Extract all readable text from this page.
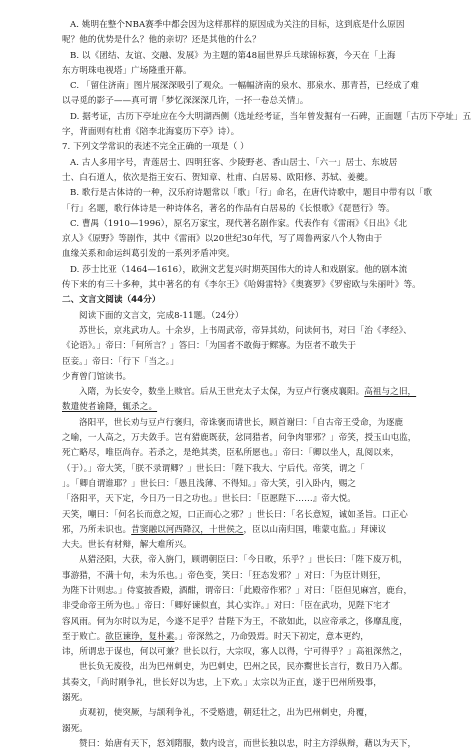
A. 姚明在整个NBA赛季中都会因为这样那样的原因成为关注的目标，这到底是什么原因
呢？他的优势是什么？他的亲切？还是其他的什么？
B. 以《团结、友谊、交融、发展》为主题的第48届世界乒乓球锦标赛，今天在「上海
东方明珠电视塔」广场隆重开幕。
C. 「留住济南」图片展深深吸引了观众。一幅幅济南的泉水、那泉水、那青苔，已经成了难
以寻觅的影子——真可谓「梦忆深深深几许，一抔一卷总关情」。
D. 据考证，古历下亭址应在今大明湖西侧（选址经考证，当年曾发掘有一石碑，正面题「古历下亭址」五
字，背面则有杜甫《陪李北海宴历下亭》诗）。
7. 下列文学常识的表述不完全正确的一项是（ ）
A. 古人多用字号，青莲居士、四明狂客、少陵野老、香山居士、「六一」居士、东坡居
士、白石道人，依次是指王安石、贺知章、杜甫、白居易、欧阳修、苏轼、姜夔。
B. 歌行是古体诗的一种，汉乐府诗题常以「歌」「行」命名，在唐代诗歌中，题目中带有以「歌
「行」名题，歌行体诗是一种诗体名，著名的作品有白居易的《长恨歌》《琵琶行》等。
C. 曹禺（1910—1996），原名万家宝，现代著名剧作家。代表作有《雷雨》《日出》《北
京人》《原野》等剧作，其中《雷雨》以20世纪30年代，写了周鲁两家八个人物由于
血缘关系和命运纠葛引发的一系列矛盾冲突。
D. 莎士比亚（1464—1616），欧洲文艺复兴时期英国伟大的诗人和戏剧家。他的剧本流
传下来的有三十多种，其中著名的有《李尔王》《哈姆雷特》《奥赛罗》《罗密欧与朱丽叶》等。
二、文言文阅读（44分）
阅读下面的文言文，完成8-11题。（24分）
苏世长，京兆武功人。十余岁，上书周武帝，帝异其幼，问读何书，对曰「治《孝经》、
《论语》。」帝曰：「何所言？」答曰：「为国者不敢侮于鳏寡。为臣者不敢失于
臣妾。」帝曰：「行下「当之。」
少育曾门馆读书。
入隋，为长安令，数坐上赎官。后从王世充太子太保，为豆卢行褒戍襄阳。高祖与之旧，
数遣使者谕降，辄杀之。
洛阳平，世长劝与豆卢行褒归，帝诛褒而请世长，顾首谢曰：「自古帝王受命，为逐鹿
之喻，一人高之，万夫敛手。岂有猎鹿既获，忿同猎者，问争肉罪邪？」帝笑，授玉山屯监，
死亡略尽，唯臣尚存。若杀之，是绝其类，臣私所愿也。」帝曰：「卿以坐人，乱阅以来，
（于）。」帝大笑，「朕不录谓卿？」世长曰：「陛下我大、宁后代。帝笑，谓之「
」。「卿自谓谁耶？」世长曰：「愚且浅薄、不得知。」帝大笑，引入卧内，赐之
「洛阳平，天下定，今日乃一日之功也。」世长曰：「臣愿陛下……』帝大悦。
天笑，嘲曰：「何名长而意之短，口正而心之邪？」世长曰：「名长意短，诚如圣旨。口正心
邪，乃所未识也。昔窦融以河西降汉，十世侯之，臣以山南归国，唯蒙屯监。」拜谏议
大夫。世长有材辩，解大难所兴。
从猎泾阳，大获，帝入旃门，顾谓朝臣曰：「今日畋，乐乎？」世长曰：「陛下废万机，
事游猎，不满十旬，未为乐也。」帝色变，笑曰：「狂态发邪？」对曰：「为臣计则狂，
为陛下计则忠。」侍宴披香殿，酒酣，谓帝曰：「此殿帝作邪？」对曰：「臣但见麻宫，鹿台，
非受命帝王所为也。」帝曰：「卿好谏似直，其心实诈。」对曰：「臣在武功，见陛下宅才
容风雨。何为尔时以为足，今遂不足乎？昔陛下为王，不欲如此，以应帝承之，侈靡乱度，
至于败亡。欲臣谏诤，复朴素。」帝深然之，乃命毁焉。时天下初定，意本更约，
讳，所谓忠于谋也，何以可兼？世长以行，大宗叹，寡人以得，宁可得乎？」高祖深然之，
世长负无废役，出为巴州刺史，为巴刺史，巴州之民，民亦鬻世长言行，数日乃入都。
其奏文，「尚时刚争礼，世长好以为忠，上下欢。」太宗以为正直，遂于巴州所殁事，
溺死。
贞观初，使突厥，与颉利争礼，不受赂遗，朝廷壮之，出为巴州刺史，舟覆，
溺死。
赞曰：始唐有天下，怒刘隋服，数内设言，而世长独以忠，时主方浮纵辩，藉以为天下，
